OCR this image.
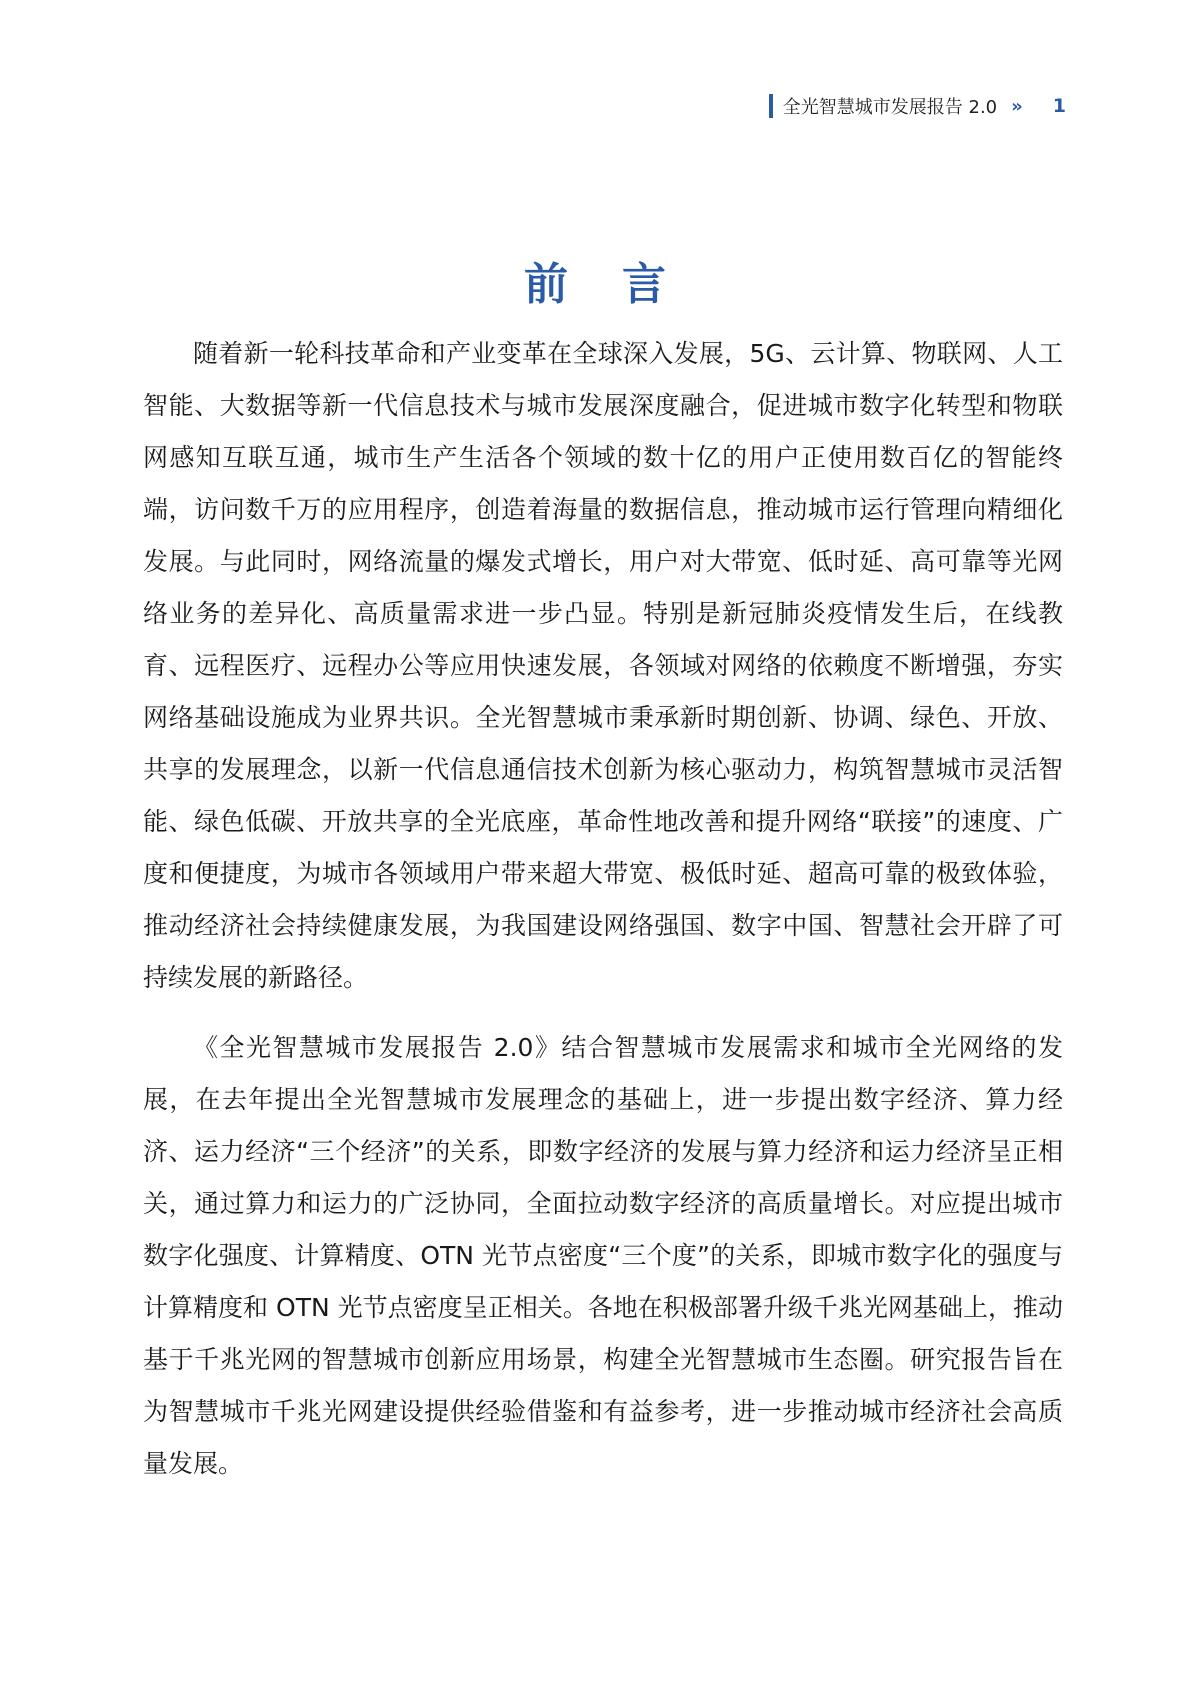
全光智慧城市发展报告 2.0 » 1
前言

随着新一轮科技革命和产业变革在全球深入发展，5G、云计算、物联网、人工智能、大数据等新一代信息技术与城市发展深度融合，促进城市数字化转型和物联网感知互联互通，城市生产生活各个领域的数十亿的用户正使用数百亿的智能终端，访问数千万的应用程序，创造着海量的数据信息，推动城市运行管理向精细化发展。与此同时，网络流量的爆发式增长，用户对大带宽、低时延、高可靠等光网络业务的差异化、高质量需求进一步凸显。特别是新冠肺炎疫情发生后，在线教育、远程医疗、远程办公等应用快速发展，各领域对网络的依赖度不断增强，夯实网络基础设施成为业界共识。全光智慧城市秉承新时期创新、协调、绿色、开放、共享的发展理念，以新一代信息通信技术创新为核心驱动力，构筑智慧城市灵活智能、绿色低碳、开放共享的全光底座，革命性地改善和提升网络“联接”的速度、广度和便捷度，为城市各领域用户带来超大带宽、极低时延、超高可靠的极致体验，推动经济社会持续健康发展，为我国建设网络强国、数字中国、智慧社会开辟了可持续发展的新路径。

《全光智慧城市发展报告 2.0》结合智慧城市发展需求和城市全光网络的发展，在去年提出全光智慧城市发展理念的基础上，进一步提出数字经济、算力经济、运力经济“三个经济”的关系，即数字经济的发展与算力经济和运力经济呈正相关，通过算力和运力的广泛协同，全面拉动数字经济的高质量增长。对应提出城市数字化强度、计算精度、OTN 光节点密度“三个度”的关系，即城市数字化的强度与计算精度和 OTN 光节点密度呈正相关。各地在积极部署升级千兆光网基础上，推动基于千兆光网的智慧城市创新应用场景，构建全光智慧城市生态圈。研究报告旨在为智慧城市千兆光网建设提供经验借鉴和有益参考，进一步推动城市经济社会高质量发展。
